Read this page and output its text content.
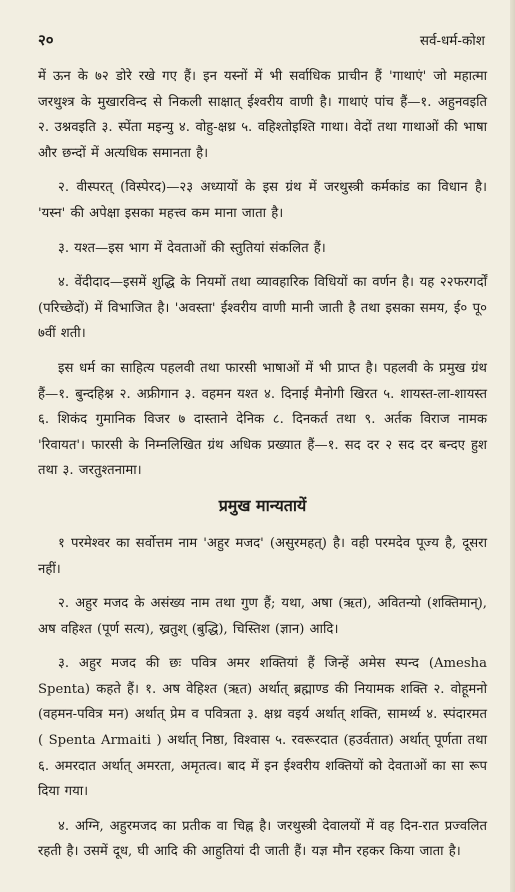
२०	सर्व-धर्म-कोश

में ऊन के ७२ डोरे रखे गए हैं। इन यस्नों में भी सर्वाधिक प्राचीन हैं 'गाथाएं' जो महात्मा जरथुश्त्र के मुखारविन्द से निकली साक्षात् ईश्वरीय वाणी है। गाथाएं पांच हैं—१. अहुनवइति २. उश्नवइति ३. स्पेंता मइन्यु ४. वोहु-क्षथ्र ५. वहिश्तोइश्ति गाथा। वेदों तथा गाथाओं की भाषा और छन्दों में अत्यधिक समानता है।

२. वीस्परत् (विस्पेरद)—२३ अध्यायों के इस ग्रंथ में जरथुस्त्री कर्मकांड का विधान है। 'यस्न' की अपेक्षा इसका महत्त्व कम माना जाता है।

३. यश्त—इस भाग में देवताओं की स्तुतियां संकलित हैं।

४. वेंदीदाद—इसमें शुद्धि के नियमों तथा व्यावहारिक विधियों का वर्णन है। यह २२फरगर्दों (परिच्छेदों) में विभाजित है। 'अवस्ता' ईश्वरीय वाणी मानी जाती है तथा इसका समय, ई० पू० ७वीं शती।

इस धर्म का साहित्य पहलवी तथा फारसी भाषाओं में भी प्राप्त है। पहलवी के प्रमुख ग्रंथ हैं—१. बुन्दहिश्न २. अफ्रीगान ३. वहमन यश्त ४. दिनाई मैनोगी खिरत ५. शायस्त-ला-शायस्त ६. शिकंद गुमानिक विजर ७ दास्ताने देनिक ८. दिनकर्त तथा ९. अर्तक विराज नामक 'रिवायत'। फारसी के निम्नलिखित ग्रंथ अधिक प्रख्यात हैं—१. सद दर २ सद दर बन्दए हुश तथा ३. जरतुश्तनामा।

प्रमुख मान्यतायें

१ परमेश्वर का सर्वोत्तम नाम 'अहुर मजद' (असुरमहत्) है। वही परमदेव पूज्य है, दूसरा नहीं।

२. अहुर मजद के असंख्य नाम तथा गुण हैं; यथा, अषा (ऋत), अवितन्यो (शक्तिमान्), अष वहिश्त (पूर्ण सत्य), ख्रतुश् (बुद्धि), चिस्तिश (ज्ञान) आदि।

३. अहुर मजद की छः पवित्र अमर शक्तियां हैं जिन्हें अमेस स्पन्द (Amesha Spenta) कहते हैं। १. अष वेहिश्त (ऋत) अर्थात् ब्रह्माण्ड की नियामक शक्ति २. वोहूमनो (वहमन-पवित्र मन) अर्थात् प्रेम व पवित्रता ३. क्षथ्र वइर्य अर्थात् शक्ति, सामर्थ्य ४. स्पंदारमत ( Spenta Armaiti ) अर्थात् निष्ठा, विश्वास ५. रवरूरदात (हउर्वतात) अर्थात् पूर्णता तथा ६. अमरदात अर्थात् अमरता, अमृतत्व। बाद में इन ईश्वरीय शक्तियों को देवताओं का सा रूप दिया गया।

४. अग्नि, अहुरमजद का प्रतीक वा चिह्न है। जरथुस्त्री देवालयों में वह दिन-रात प्रज्वलित रहती है। उसमें दूध, घी आदि की आहुतियां दी जाती हैं। यज्ञ मौन रहकर किया जाता है।
